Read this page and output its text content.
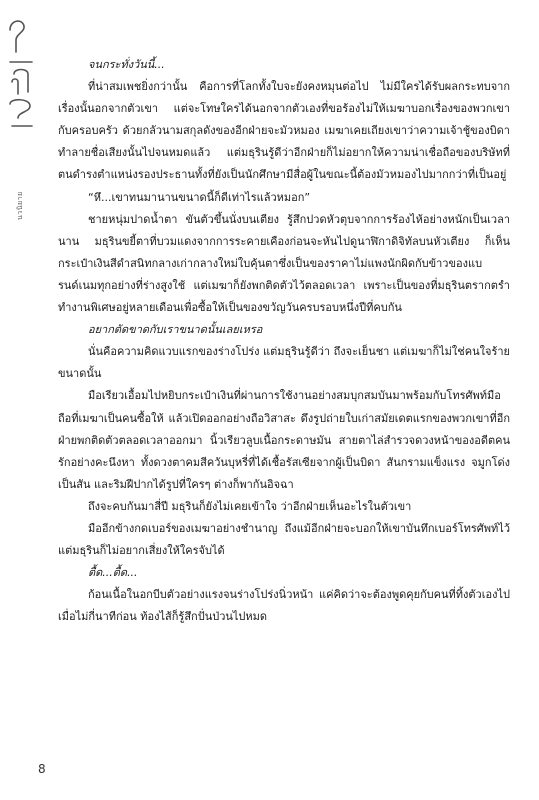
นวนิยาย

จนกระทั่งวันนี้...

ที่น่าสมเพชยิ่งกว่านั้น คือการที่โลกทั้งใบจะยังคงหมุนต่อไป ไม่มีใครได้รับผลกระทบจากเรื่องนั้นอกจากตัวเขา แต่จะโทษใครได้นอกจากตัวเองที่ขอร้องไม่ให้เมฆาบอกเรื่องของพวกเขากับครอบครัว ด้วยกลัวนามสกุลดังของอีกฝ่ายจะมัวหมอง เมฆาเคยเถียงเขาว่าความเจ้าชู้ของบิดาทำลายชื่อเสียงนั้นไปจนหมดแล้ว แต่มธุรินรู้ดีว่าอีกฝ่ายก็ไม่อยากให้ความน่าเชื่อถือของบริษัทที่ตนดำรงตำแหน่งรองประธานทั้งที่ยังเป็นนักศึกษามีสื่อผู้ในขณะนี้ต้องมัวหมองไปมากกว่าที่เป็นอยู่

“หึ...เขาทนมานานขนาดนี้ก็ดีเท่าไรแล้วหมอก”

ชายหนุ่มปาดน้ำตา ขันตัวขึ้นนั่งบนเตียง รู้สึกปวดหัวตุบจากการร้องไห้อย่างหนักเป็นเวลานาน มธุรินขยี้ตาที่บวมแดงจากการระคายเคืองก่อนจะหันไปดูนาฬิกาดิจิทัลบนหัวเตียง ก็เห็นกระเป๋าเงินสีดำสนิทกลางเก่ากลางใหม่ใบคุ้นตาซึ่งเป็นของราคาไม่แพงนักผิดกับข้าวของแบรนด์เนมทุกอย่างที่ร่างสูงใช้ แต่เมฆาก็ยังพกติดตัวไว้ตลอดเวลา เพราะเป็นของที่มธุรินตรากตรำทำงานพิเศษอยู่หลายเดือนเพื่อซื้อให้เป็นของขวัญวันครบรอบหนึ่งปีที่คบกัน

อยากตัดขาดกับเราขนาดนั้นเลยเหรอ

นั่นคือความคิดแวบแรกของร่างโปร่ง แต่มธุรินรู้ดีว่า ถึงจะเย็นชา แต่เมฆาก็ไม่ใช่คนใจร้ายขนาดนั้น

มือเรียวเอื้อมไปหยิบกระเป๋าเงินที่ผ่านการใช้งานอย่างสมบุกสมบันมาพร้อมกับโทรศัพท์มือถือที่เมฆาเป็นคนซื้อให้ แล้วเปิดออกอย่างถือวิสาสะ ดึงรูปถ่ายใบเก่าสมัยเดตแรกของพวกเขาที่อีกฝ่ายพกติดตัวตลอดเวลาออกมา นิ้วเรียวลูบเนื้อกระดาษมัน สายตาไล่สำรวจดวงหน้าของอดีตคนรักอย่างคะนึงหา ทั้งดวงตาคมสีควันบุหรี่ที่ได้เชื้อรัสเซียจากผู้เป็นบิดา สันกรามแข็งแรง จมูกโด่งเป็นสัน และริมฝีปากได้รูปที่ใครๆ ต่างก็พากันอิจฉา

ถึงจะคบกันมาสี่ปี มธุรินก็ยังไม่เคยเข้าใจ ว่าอีกฝ่ายเห็นอะไรในตัวเขา

มืออีกข้างกดเบอร์ของเมฆาอย่างชำนาญ ถึงแม้อีกฝ่ายจะบอกให้เขาบันทึกเบอร์โทรศัพท์ไว้ แต่มธุรินก็ไม่อยากเสี่ยงให้ใครจับได้

ตื้ด...ตื้ด...

ก้อนเนื้อในอกบีบตัวอย่างแรงจนร่างโปร่งนิ่วหน้า แค่คิดว่าจะต้องพูดคุยกับคนที่ทิ้งตัวเองไปเมื่อไม่กี่นาทีก่อน ท้องไส้ก็รู้สึกปั่นป่วนไปหมด

8
